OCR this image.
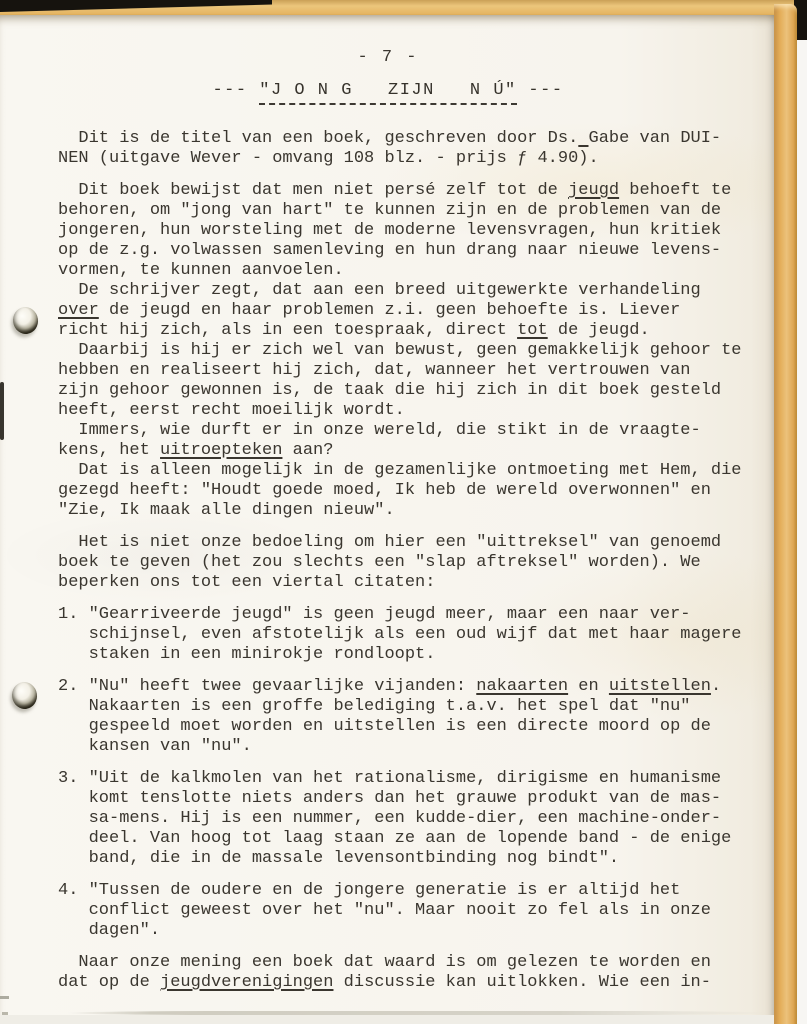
- 7 -
--- "J O N G   ZIJN   N Ú" ---
Dit is de titel van een boek, geschreven door Ds. Gabe van DUI-
NEN (uitgave Wever - omvang 108 blz. - prijs ƒ 4.90).
Dit boek bewijst dat men niet persé zelf tot de jeugd behoeft te
behoren, om "jong van hart" te kunnen zijn en de problemen van de
jongeren, hun worsteling met de moderne levensvragen, hun kritiek
op de z.g. volwassen samenleving en hun drang naar nieuwe levens-
vormen, te kunnen aanvoelen.
De schrijver zegt, dat aan een breed uitgewerkte verhandeling
over de jeugd en haar problemen z.i. geen behoefte is. Liever
richt hij zich, als in een toespraak, direct tot de jeugd.
Daarbij is hij er zich wel van bewust, geen gemakkelijk gehoor te
hebben en realiseert hij zich, dat, wanneer het vertrouwen van
zijn gehoor gewonnen is, de taak die hij zich in dit boek gesteld
heeft, eerst recht moeilijk wordt.
Immers, wie durft er in onze wereld, die stikt in de vraagte-
kens, het uitroepteken aan?
Dat is alleen mogelijk in de gezamenlijke ontmoeting met Hem, die
gezegd heeft: "Houdt goede moed, Ik heb de wereld overwonnen" en
"Zie, Ik maak alle dingen nieuw".
Het is niet onze bedoeling om hier een "uittreksel" van genoemd
boek te geven (het zou slechts een "slap aftreksel" worden). We
beperken ons tot een viertal citaten:
1. "Gearriveerde jeugd" is geen jeugd meer, maar een naar ver-
schijnsel, even afstotelijk als een oud wijf dat met haar magere
staken in een minirokje rondloopt.
2. "Nu" heeft twee gevaarlijke vijanden: nakaarten en uitstellen.
Nakaarten is een groffe belediging t.a.v. het spel dat "nu"
gespeeld moet worden en uitstellen is een directe moord op de
kansen van "nu".
3. "Uit de kalkmolen van het rationalisme, dirigisme en humanisme
komt tenslotte niets anders dan het grauwe produkt van de mas-
sa-mens. Hij is een nummer, een kudde-dier, een machine-onder-
deel. Van hoog tot laag staan ze aan de lopende band - de enige
band, die in de massale levensontbinding nog bindt".
4. "Tussen de oudere en de jongere generatie is er altijd het
conflict geweest over het "nu". Maar nooit zo fel als in onze
dagen".
Naar onze mening een boek dat waard is om gelezen te worden en
dat op de jeugdverenigingen discussie kan uitlokken. Wie een in-
